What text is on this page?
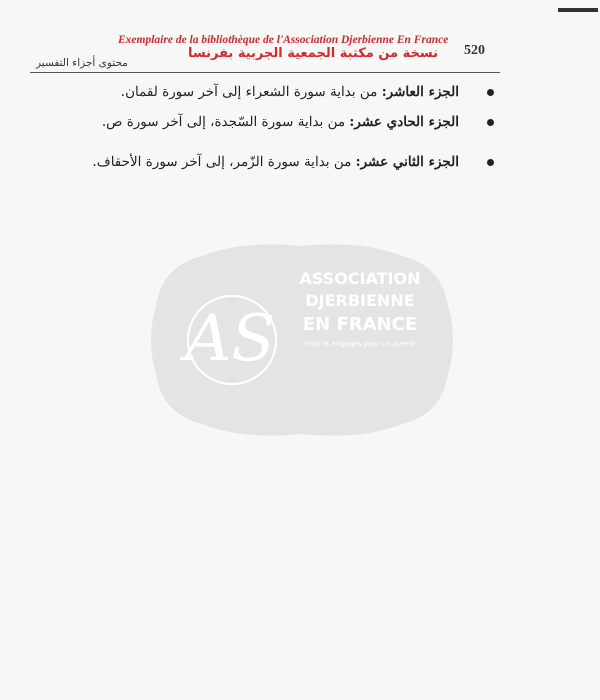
Exemplaire de la bibliothèque de l'Association Djerbienne En France
نسخة من مكتبة الجمعية الجربية بفرنسا 520
محتوى أجزاء التفسير
الجزء العاشر: من بداية سورة الشعراء إلى آخر سورة لقمان.
الجزء الحادي عشر: من بداية سورة السّجدة، إلى آخر سورة ص.
الجزء الثاني عشر: من بداية سورة الزّمر، إلى آخر سورة الأحقاف.
AS
ASSOCIATION
DJERBIENNE
EN FRANCE
Unis et engagés pour un avenir
